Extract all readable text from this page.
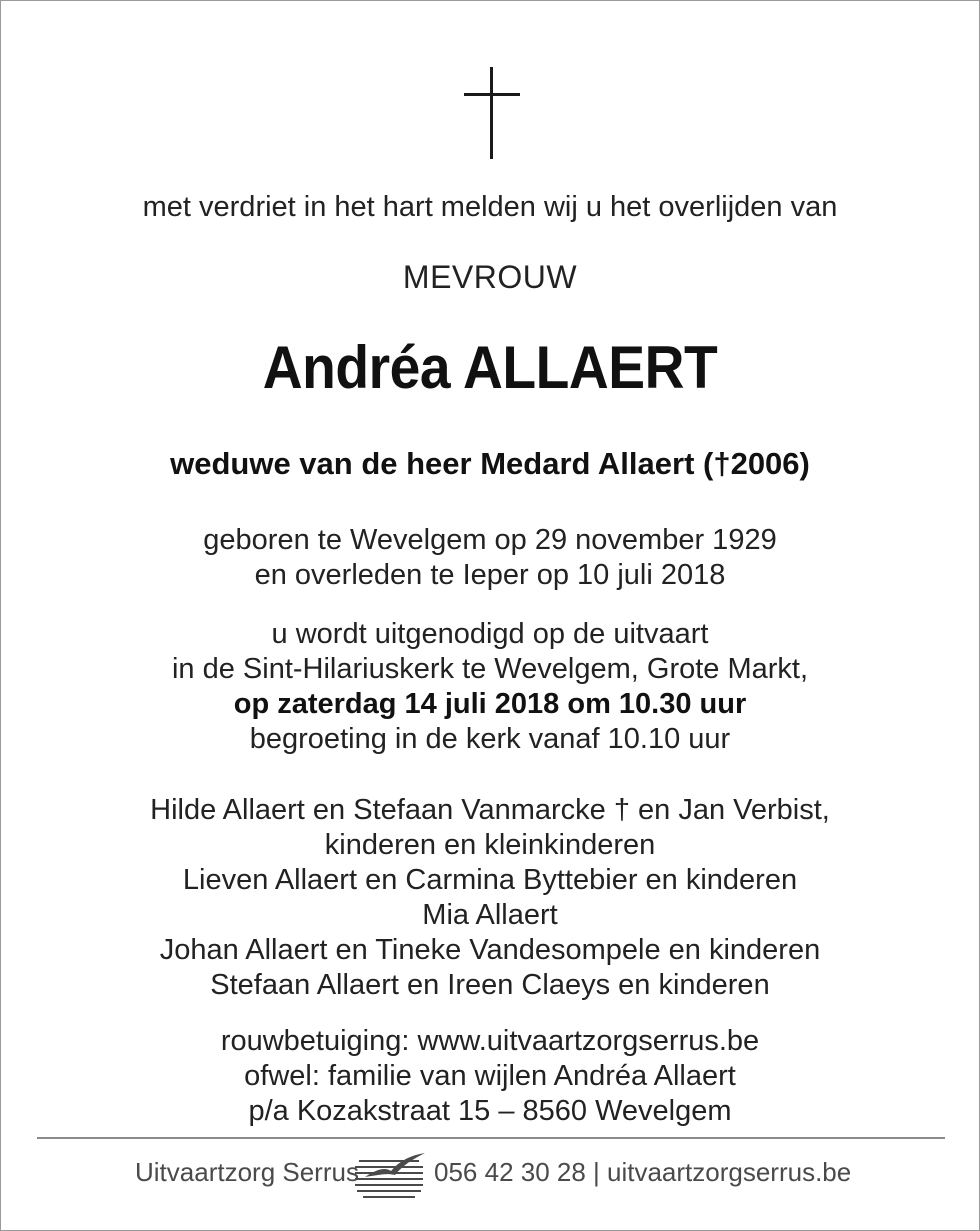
met verdriet in het hart melden wij u het overlijden van
MEVROUW
Andréa ALLAERT
weduwe van de heer Medard Allaert (†2006)
geboren te Wevelgem op 29 november 1929
en overleden te Ieper op 10 juli 2018
u wordt uitgenodigd op de uitvaart
in de Sint-Hilariuskerk te Wevelgem, Grote Markt,
op zaterdag 14 juli 2018 om 10.30 uur
begroeting in de kerk vanaf 10.10 uur
Hilde Allaert en Stefaan Vanmarcke † en Jan Verbist,
kinderen en kleinkinderen
Lieven Allaert en Carmina Byttebier en kinderen
Mia Allaert
Johan Allaert en Tineke Vandesompele en kinderen
Stefaan Allaert en Ireen Claeys en kinderen
rouwbetuiging: www.uitvaartzorgserrus.be
ofwel: familie van wijlen Andréa Allaert
p/a Kozakstraat 15 – 8560 Wevelgem
Uitvaartzorg Serrus	056 42 30 28 | uitvaartzorgserrus.be
